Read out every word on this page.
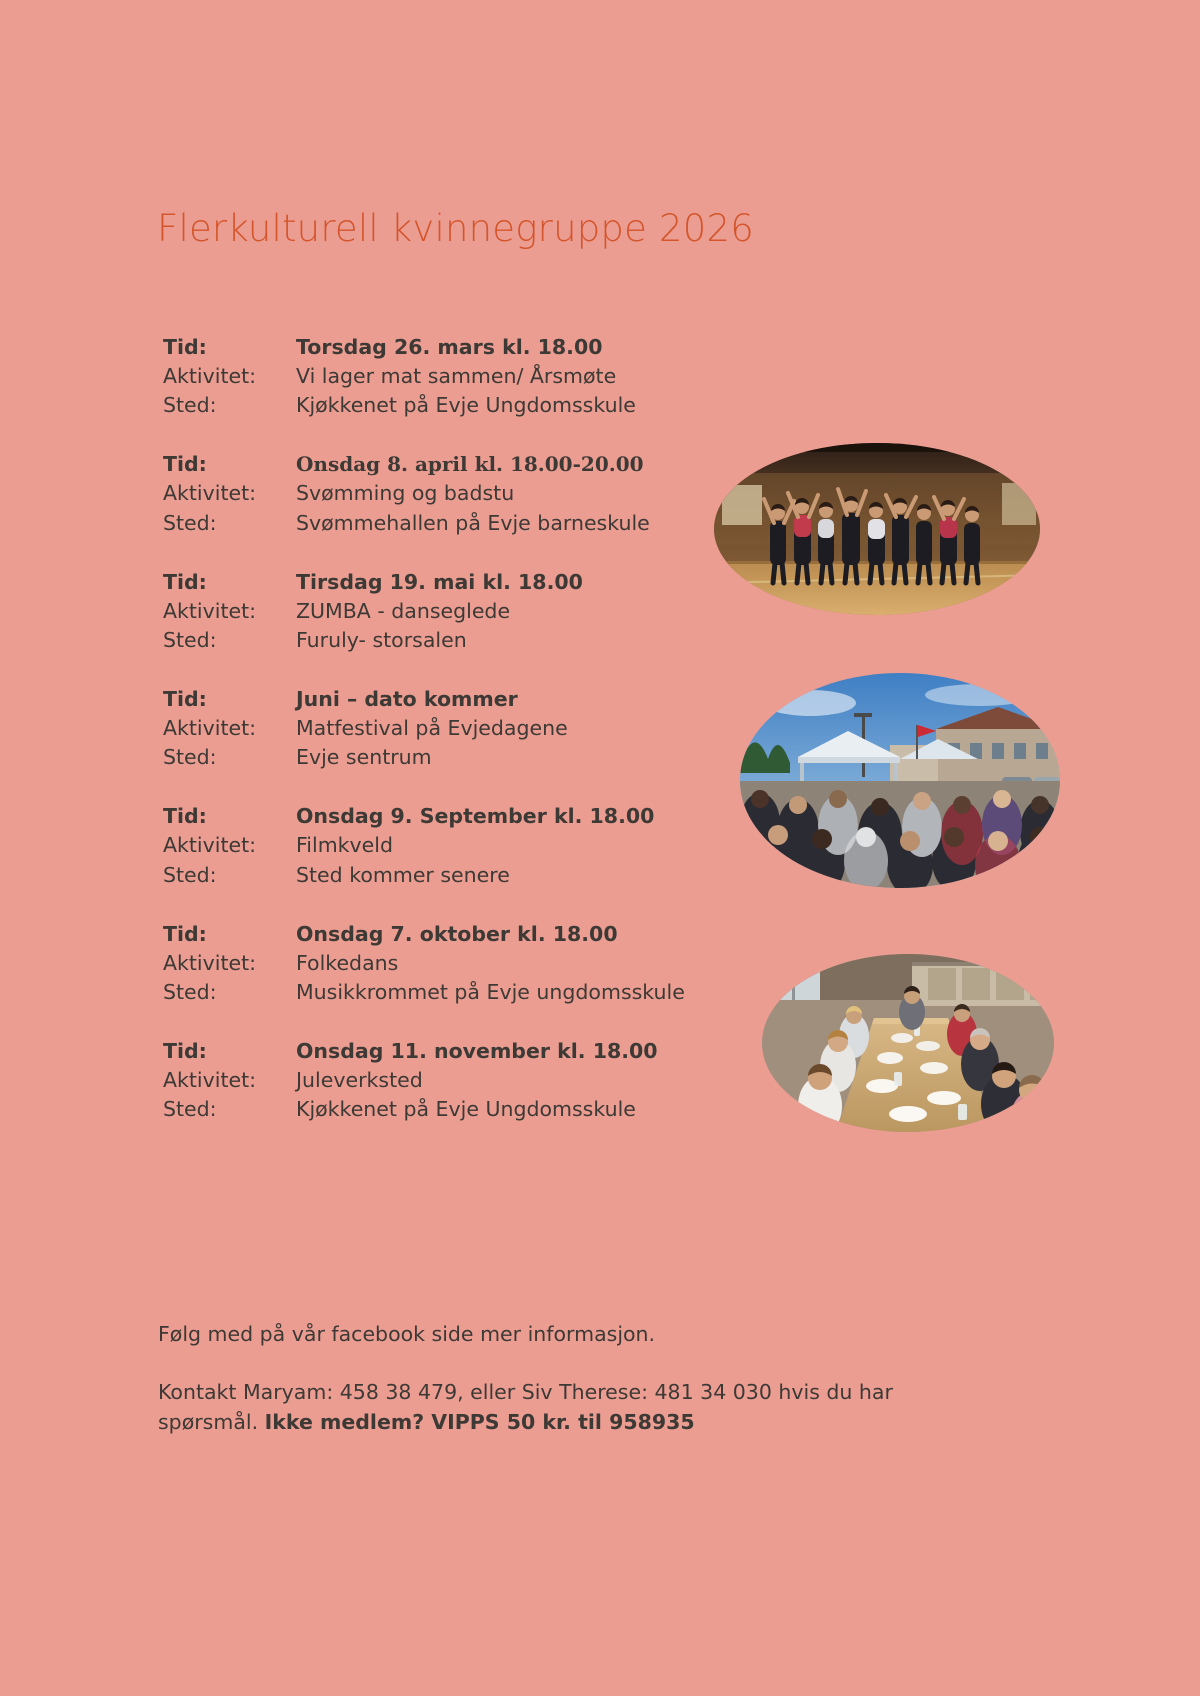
Flerkulturell kvinnegruppe 2026
Tid:	Torsdag 26. mars kl. 18.00
Aktivitet:	Vi lager mat sammen/ Årsmøte
Sted:	Kjøkkenet på Evje Ungdomsskule
Tid:	Onsdag 8. april kl. 18.00-20.00
Aktivitet:	Svømming og badstu
Sted:	Svømmehallen på Evje barneskule
Tid:	Tirsdag 19. mai kl. 18.00
Aktivitet:	ZUMBA - danseglede
Sted:	Furuly- storsalen
Tid:	Juni – dato kommer
Aktivitet:	Matfestival på Evjedagene
Sted:	Evje sentrum
Tid:	Onsdag 9. September kl. 18.00
Aktivitet:	Filmkveld
Sted:	Sted kommer senere
Tid:	Onsdag 7. oktober kl. 18.00
Aktivitet:	Folkedans
Sted:	Musikkrommet på Evje ungdomsskule
Tid:	Onsdag 11. november kl. 18.00
Aktivitet:	Juleverksted
Sted:	Kjøkkenet på Evje Ungdomsskule
Følg med på vår facebook side mer informasjon.
Kontakt Maryam: 458 38 479, eller Siv Therese: 481 34 030 hvis du har spørsmål. Ikke medlem? VIPPS 50 kr. til 958935
